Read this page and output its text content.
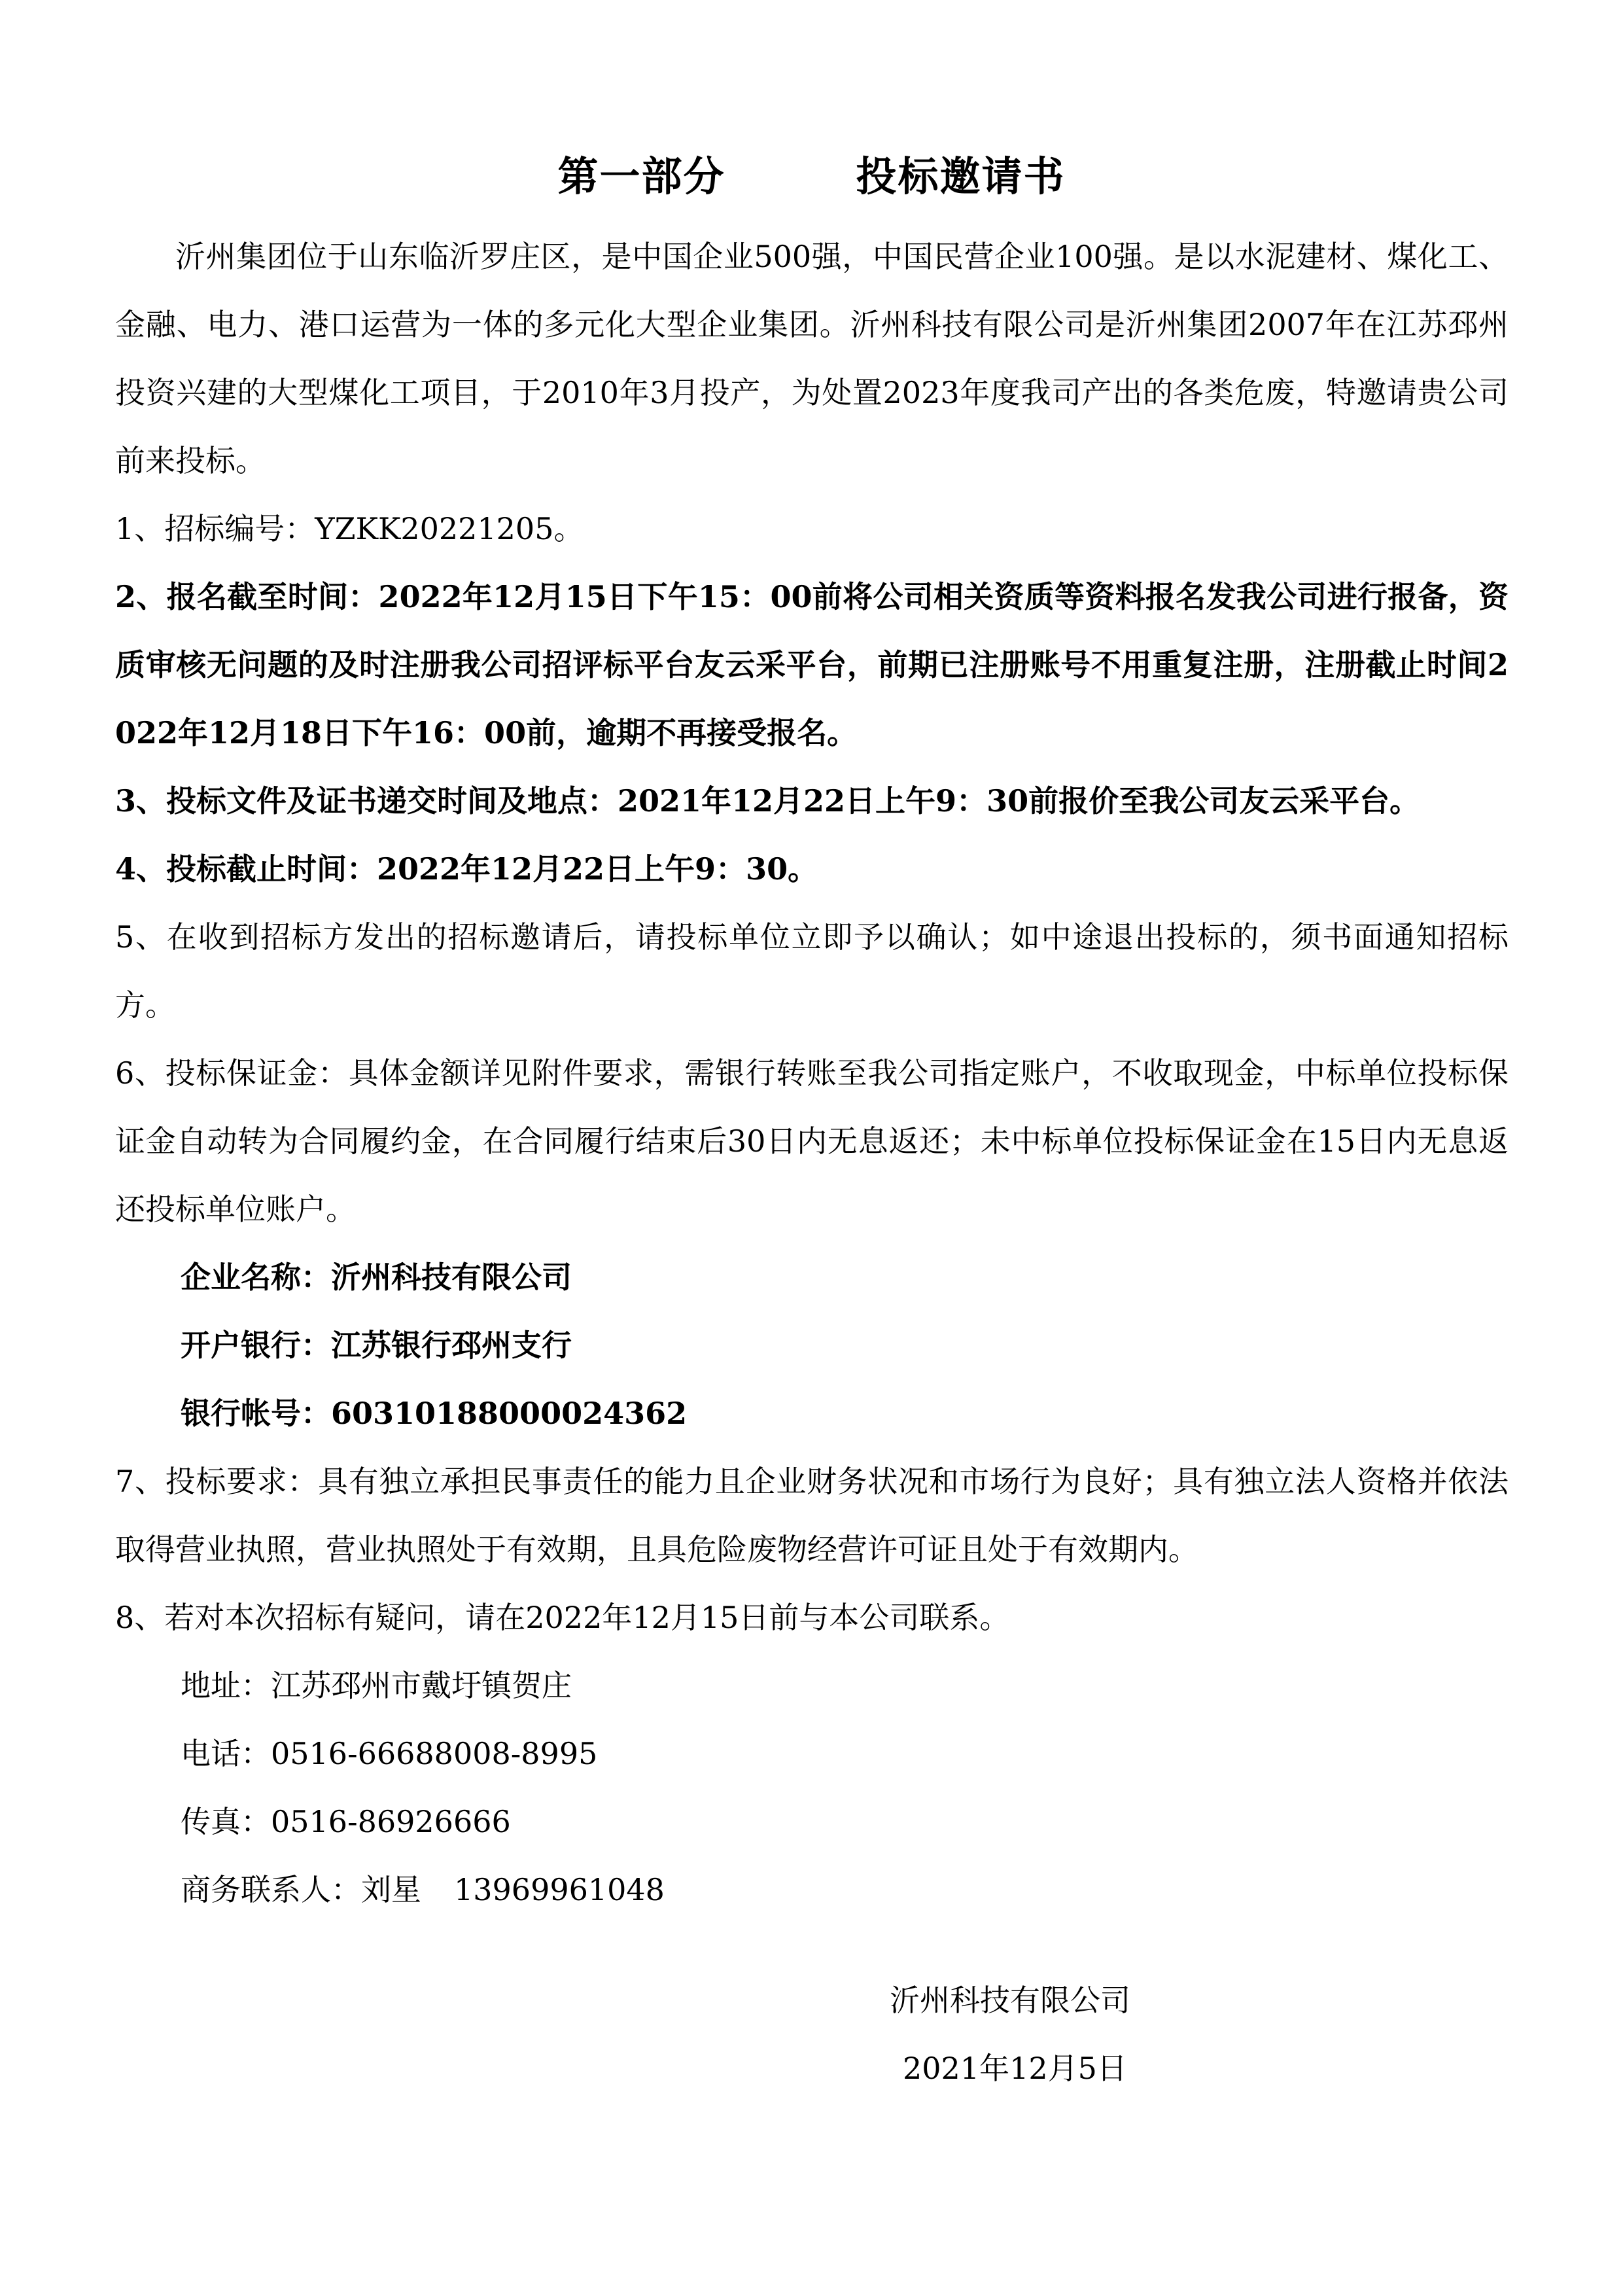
第一部分	投标邀请书

沂州集团位于山东临沂罗庄区，是中国企业500强，中国民营企业100强。是以水泥建材、煤化工、金融、电力、港口运营为一体的多元化大型企业集团。沂州科技有限公司是沂州集团2007年在江苏邳州投资兴建的大型煤化工项目，于2010年3月投产，为处置2023年度我司产出的各类危废，特邀请贵公司前来投标。

1、招标编号：YZKK20221205。

2、报名截至时间：2022年12月15日下午15：00前将公司相关资质等资料报名发我公司进行报备，资质审核无问题的及时注册我公司招评标平台友云采平台，前期已注册账号不用重复注册，注册截止时间2022年12月18日下午16：00前，逾期不再接受报名。

3、投标文件及证书递交时间及地点：2021年12月22日上午9：30前报价至我公司友云采平台。

4、投标截止时间：2022年12月22日上午9：30。

5、在收到招标方发出的招标邀请后，请投标单位立即予以确认；如中途退出投标的，须书面通知招标方。

6、投标保证金：具体金额详见附件要求，需银行转账至我公司指定账户，不收取现金，中标单位投标保证金自动转为合同履约金，在合同履行结束后30日内无息返还；未中标单位投标保证金在15日内无息返还投标单位账户。

企业名称：沂州科技有限公司

开户银行：江苏银行邳州支行

银行帐号：60310188000024362

7、投标要求：具有独立承担民事责任的能力且企业财务状况和市场行为良好；具有独立法人资格并依法取得营业执照，营业执照处于有效期，且具危险废物经营许可证且处于有效期内。

8、若对本次招标有疑问，请在2022年12月15日前与本公司联系。

地址：江苏邳州市戴圩镇贺庄

电话：0516-66688008-8995

传真：0516-86926666

商务联系人：刘星 13969961048

沂州科技有限公司

2021年12月5日
